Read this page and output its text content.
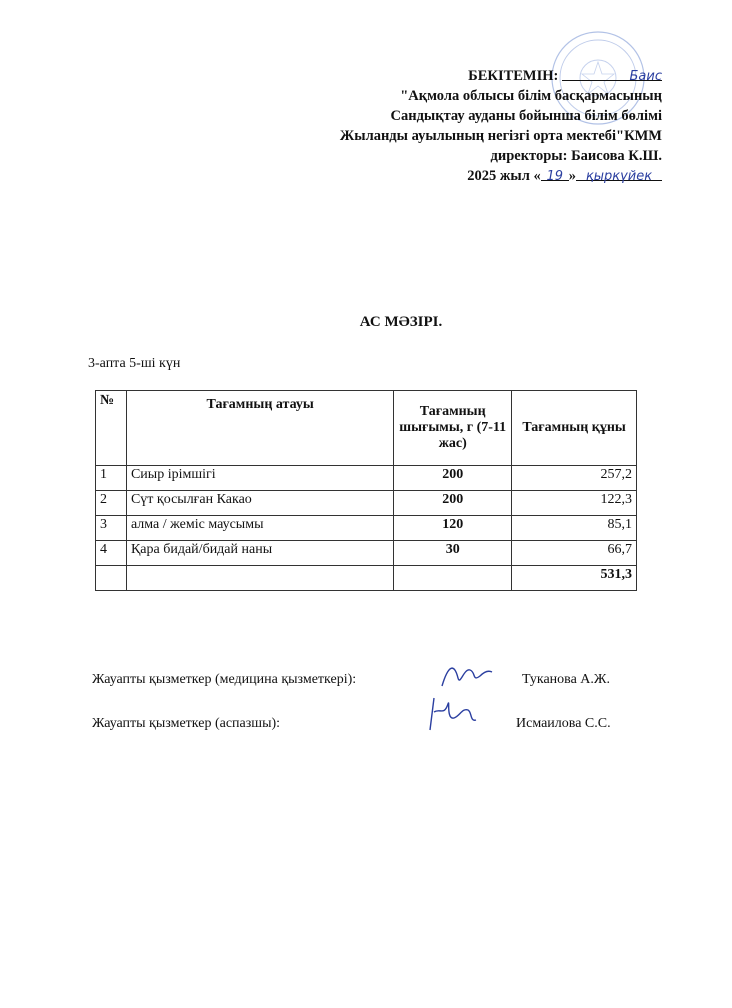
БЕКІТЕМІН:	Баис
"Ақмола облысы білім басқармасының
Сандықтау ауданы бойынша білім бөлімі
Жыланды ауылының негізгі орта мектебі"КММ
директоры: Баисова К.Ш.
2025 жыл « 19 » қыркүйек
АС МӘЗІРІ.
3-апта 5-ші күн
№	Тағамның атауы	Тағамның шығымы, г (7-11 жас)	Тағамның құны
1	Сиыр ірімшігі	200	257,2
2	Сүт қосылған Какао	200	122,3
3	алма / жеміс маусымы	120	85,1
4	Қара бидай/бидай наны	30	66,7
			531,3
Жауапты қызметкер (медицина қызметкері):	Туканова А.Ж.
Жауапты қызметкер (аспазшы):	Исмаилова С.С.
